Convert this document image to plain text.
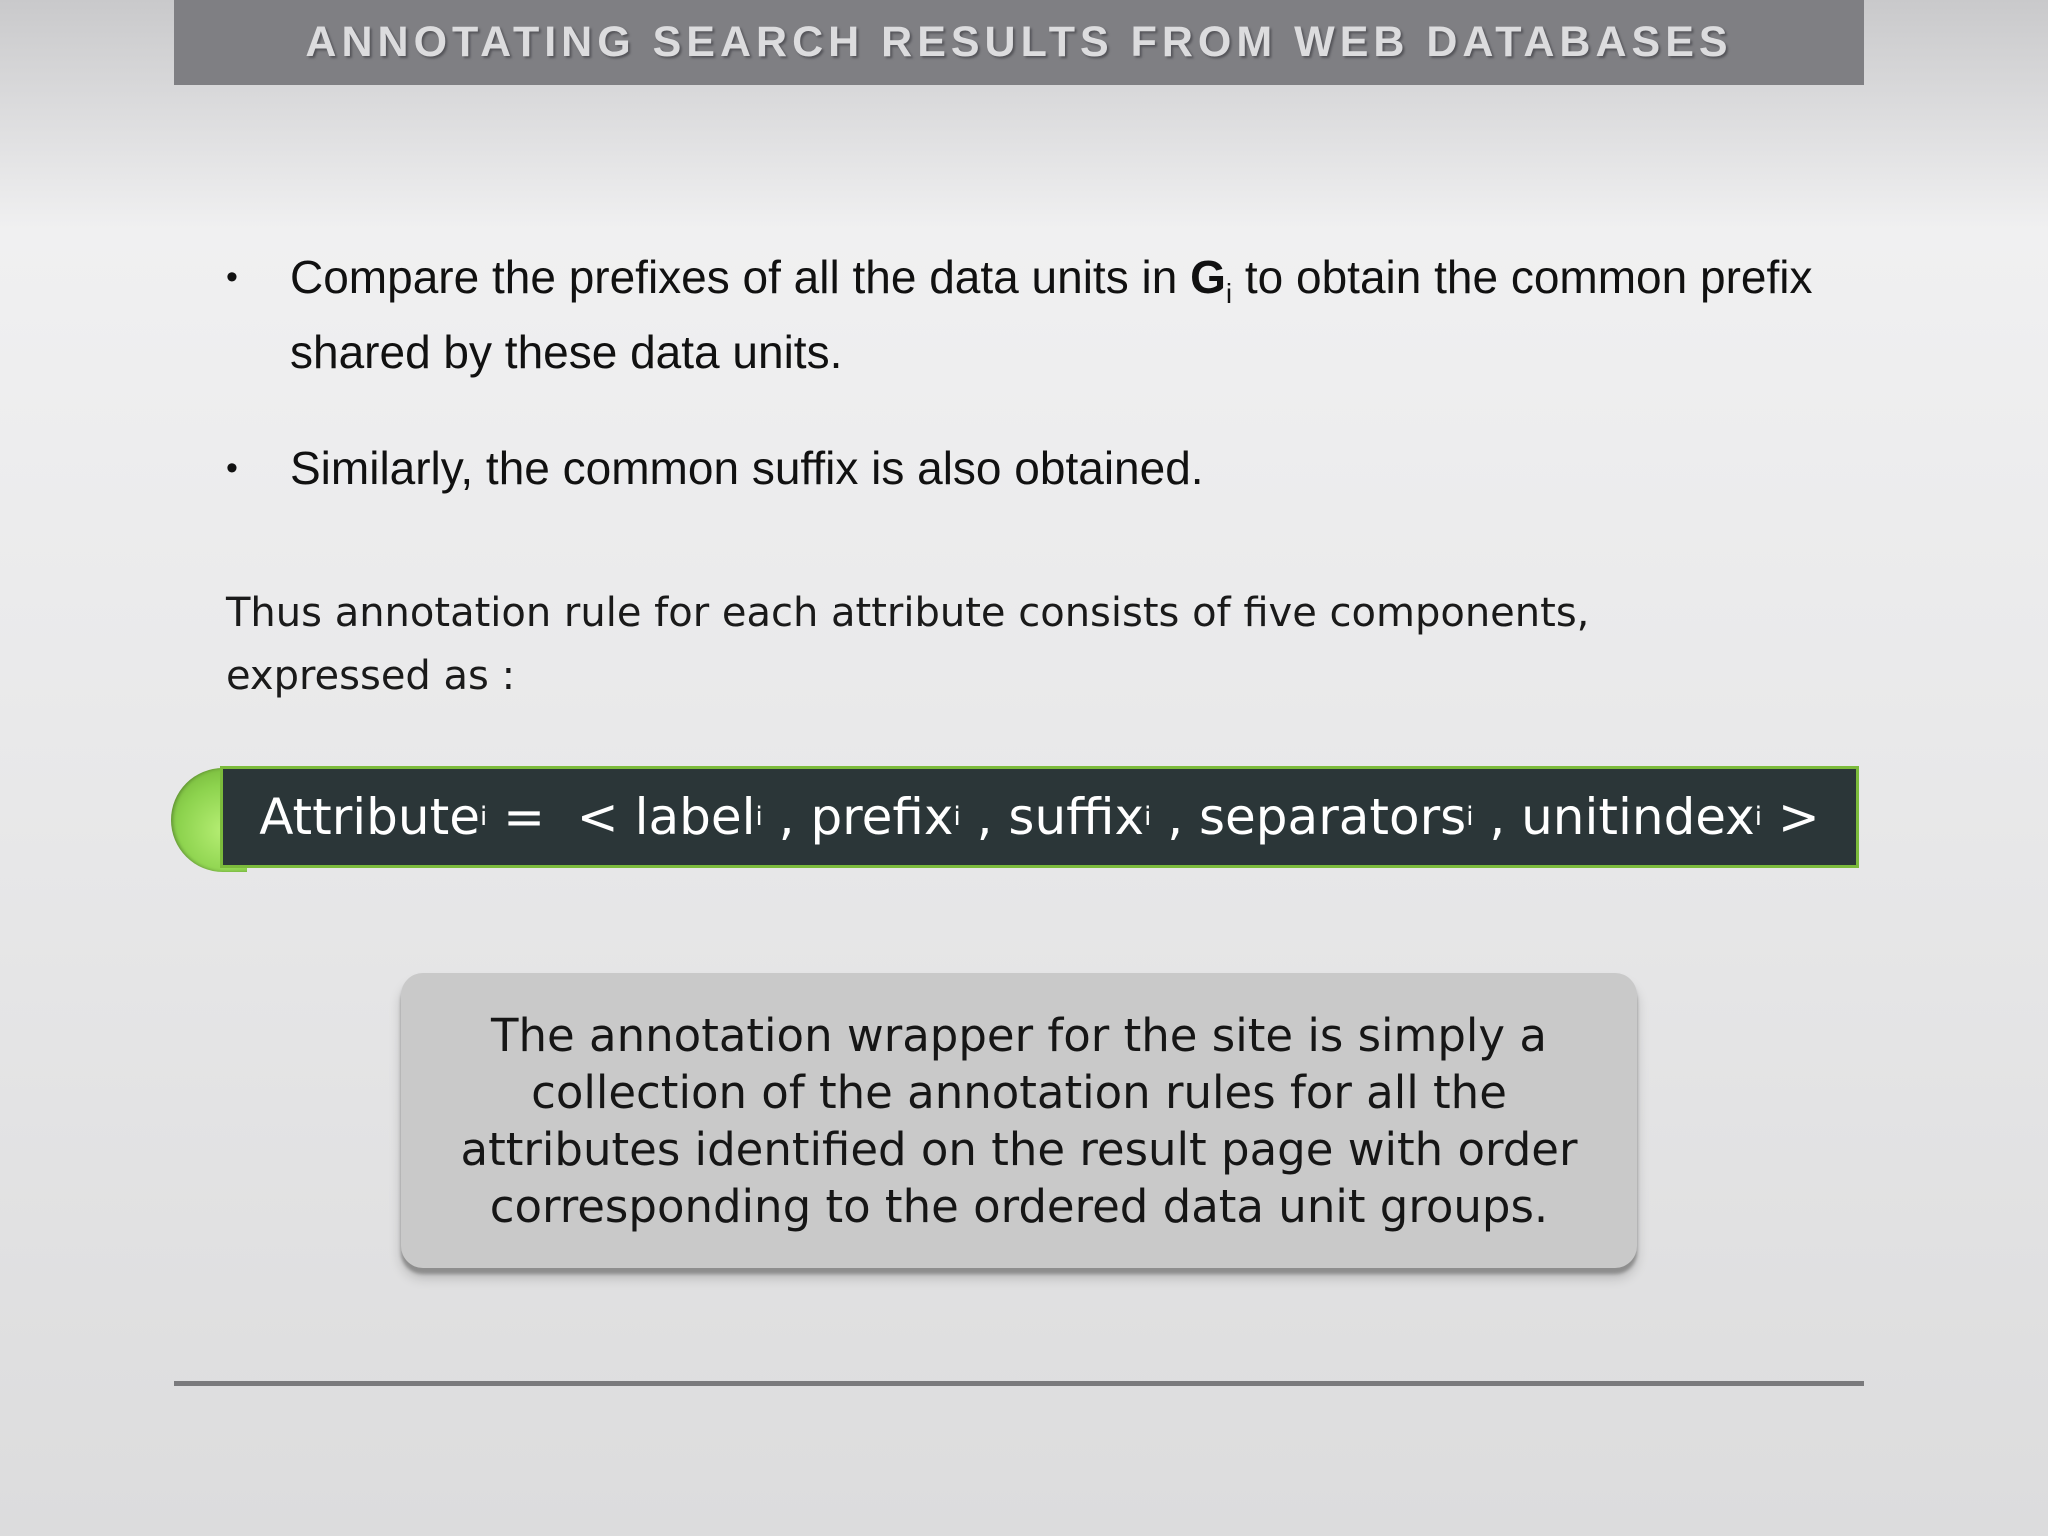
ANNOTATING SEARCH RESULTS FROM WEB DATABASES
• Compare the prefixes of all the data units in $G_i$ to obtain the common prefix shared by these data units.
• Similarly, the common suffix is also obtained.

Thus annotation rule for each attribute consists of five components, expressed as :

Attribute i =  < label i , prefix i , suffix i , separators i , unitindex i >

The annotation wrapper for the site is simply a collection of the annotation rules for all the attributes identified on the result page with order corresponding to the ordered data unit groups.
